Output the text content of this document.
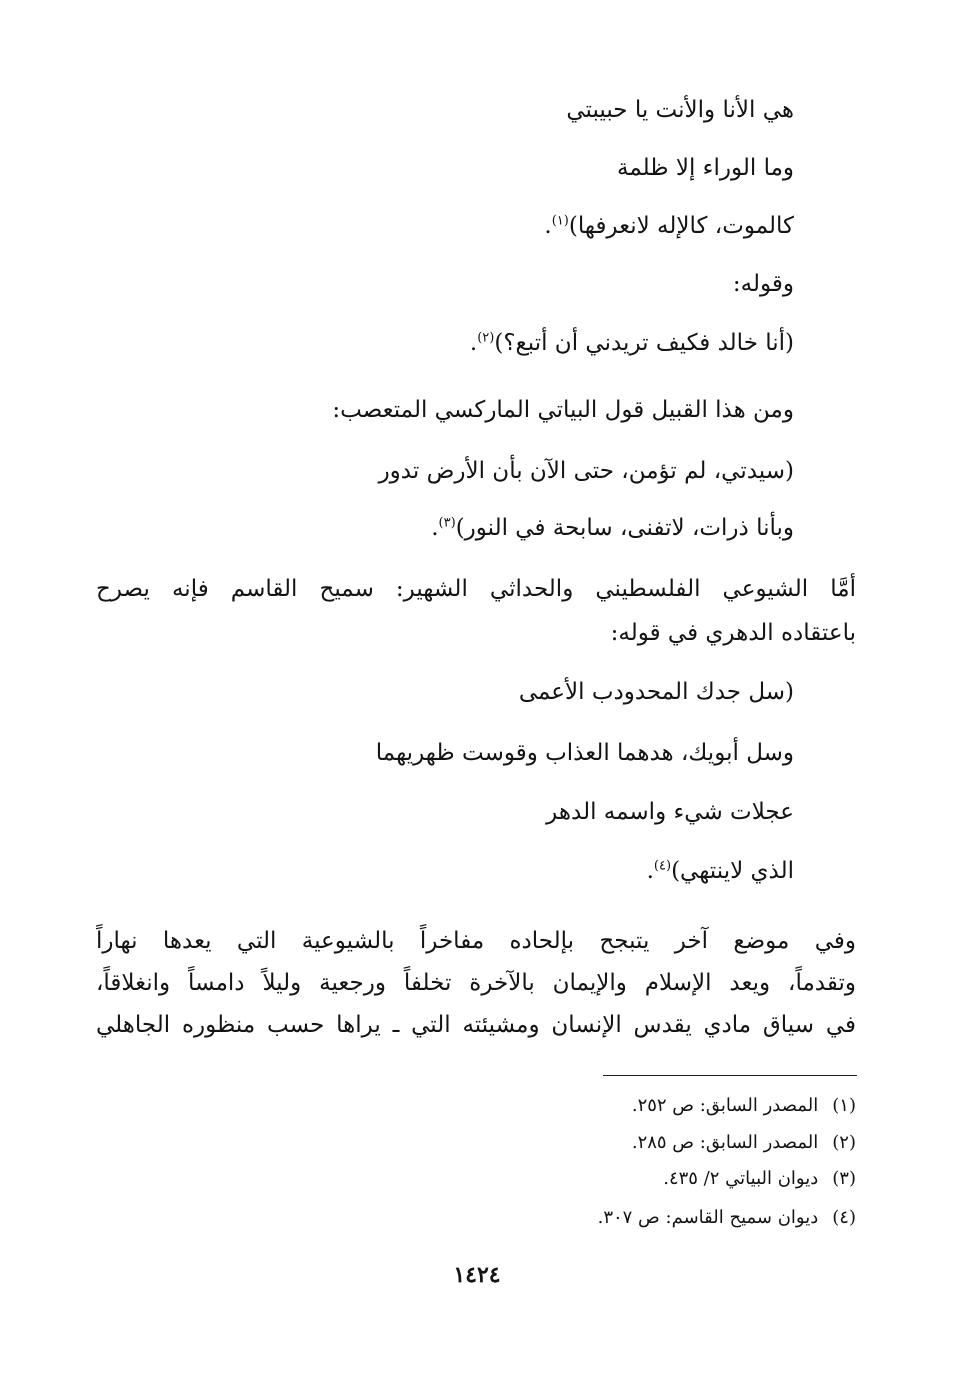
هي الأنا والأنت يا حبيبتي
وما الوراء إلا ظلمة
كالموت، كالإله لانعرفها)$^{(١)}$.
وقوله:
(أنا خالد فكيف تريدني أن أتبع؟)$^{(٢)}$.
ومن هذا القبيل قول البياتي الماركسي المتعصب:
(سيدتي، لم تؤمن، حتى الآن بأن الأرض تدور
وبأنا ذرات، لاتفنى، سابحة في النور)$^{(٣)}$.
أمَّا الشيوعي الفلسطيني والحداثي الشهير: سميح القاسم فإنه يصرح
باعتقاده الدهري في قوله:
(سل جدك المحدودب الأعمى
وسل أبويك، هدهما العذاب وقوست ظهريهما
عجلات شيء واسمه الدهر
الذي لاينتهي)$^{(٤)}$.
وفي موضع آخر يتبجح بإلحاده مفاخراً بالشيوعية التي يعدها نهاراً
وتقدماً، ويعد الإسلام والإيمان بالآخرة تخلفاً ورجعية وليلاً دامساً وانغلاقاً،
في سياق مادي يقدس الإنسان ومشيئته التي ـ يراها حسب منظوره الجاهلي
(١)المصدر السابق: ص ٢٥٢.
(٢)المصدر السابق: ص ٢٨٥.
(٣)ديوان البياتي ٢/ ٤٣٥.
(٤)ديوان سميح القاسم: ص ٣٠٧.
١٤٢٤
